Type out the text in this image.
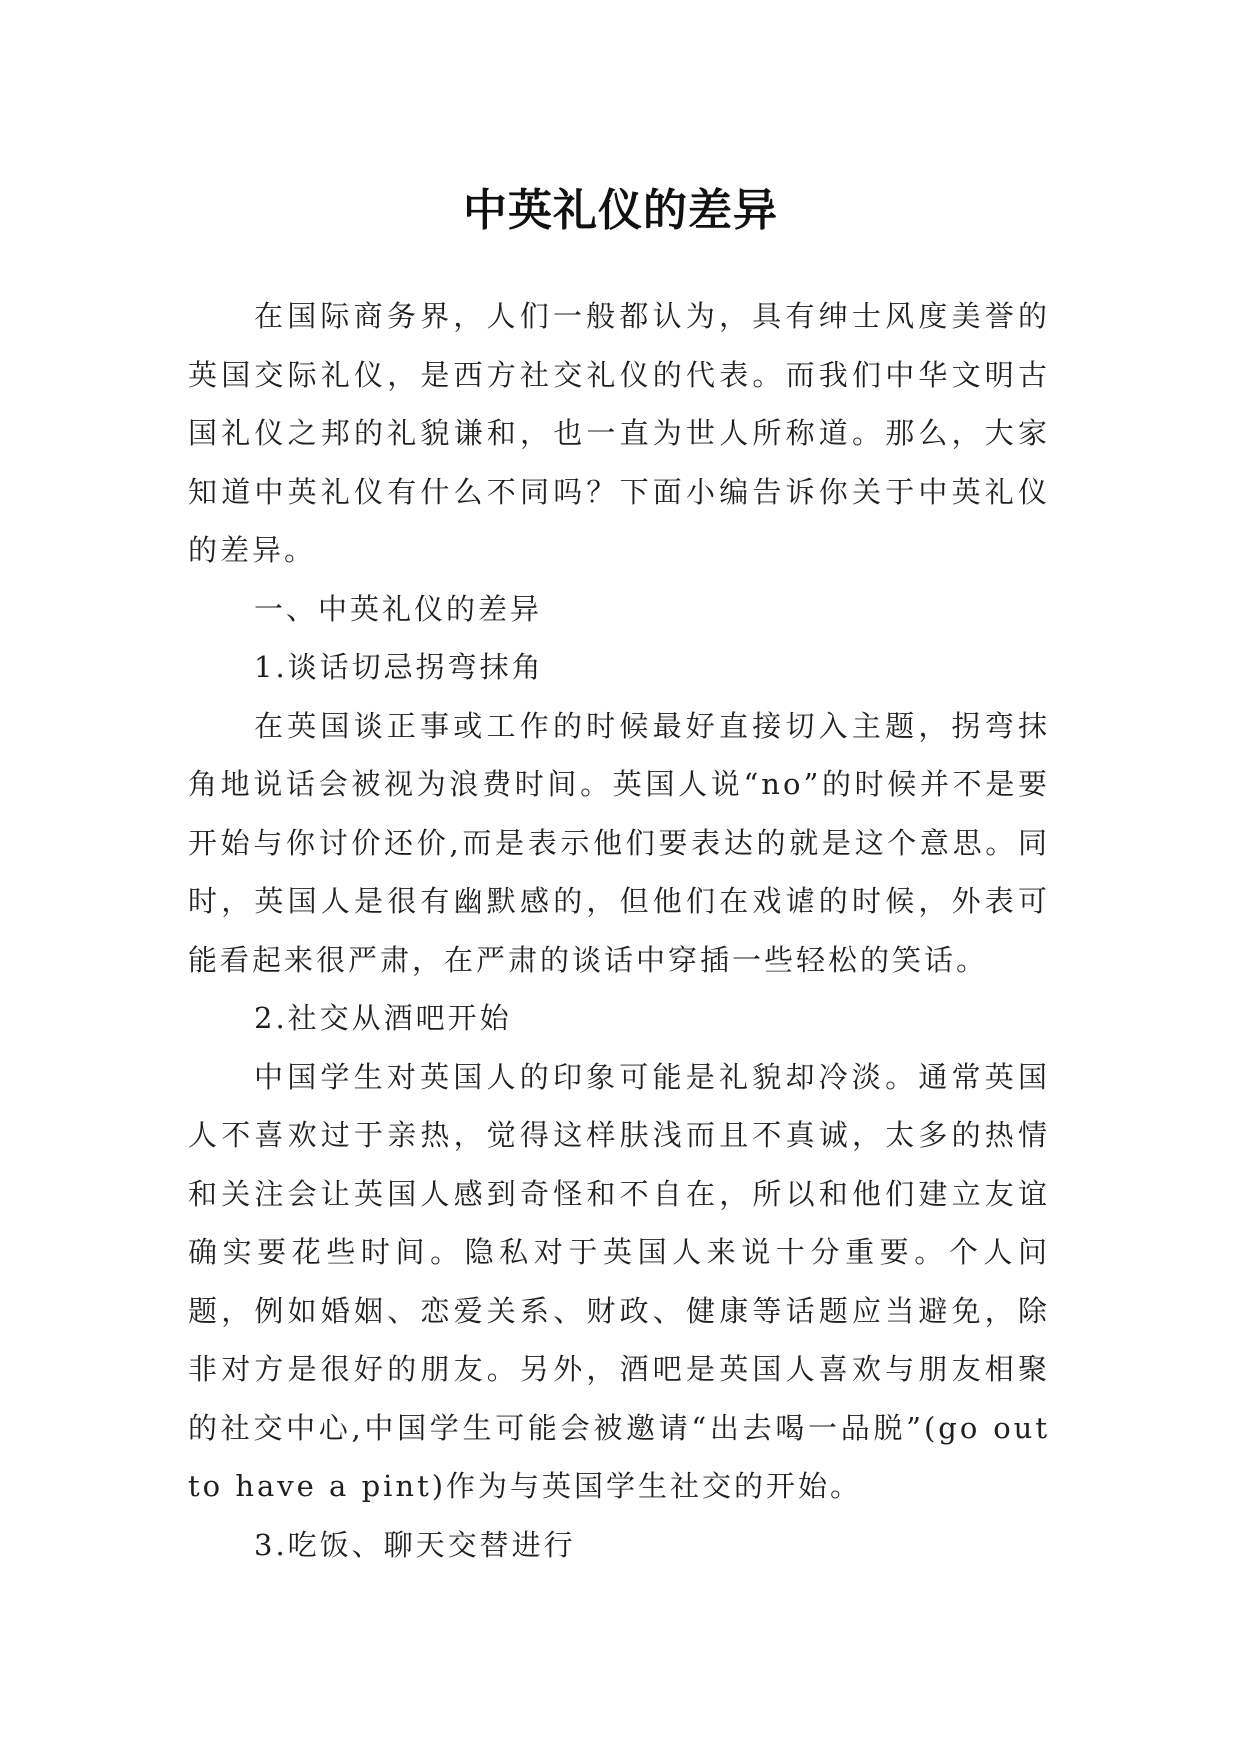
中英礼仪的差异

在国际商务界，人们一般都认为，具有绅士风度美誉的英国交际礼仪，是西方社交礼仪的代表。而我们中华文明古国礼仪之邦的礼貌谦和，也一直为世人所称道。那么，大家知道中英礼仪有什么不同吗？下面小编告诉你关于中英礼仪的差异。

一、中英礼仪的差异

1.谈话切忌拐弯抹角

在英国谈正事或工作的时候最好直接切入主题，拐弯抹角地说话会被视为浪费时间。英国人说“no”的时候并不是要开始与你讨价还价,而是表示他们要表达的就是这个意思。同时，英国人是很有幽默感的，但他们在戏谑的时候，外表可能看起来很严肃，在严肃的谈话中穿插一些轻松的笑话。

2.社交从酒吧开始

中国学生对英国人的印象可能是礼貌却冷淡。通常英国人不喜欢过于亲热，觉得这样肤浅而且不真诚，太多的热情和关注会让英国人感到奇怪和不自在，所以和他们建立友谊确实要花些时间。隐私对于英国人来说十分重要。个人问题，例如婚姻、恋爱关系、财政、健康等话题应当避免，除非对方是很好的朋友。另外，酒吧是英国人喜欢与朋友相聚的社交中心,中国学生可能会被邀请“出去喝一品脱”(go out to have a pint)作为与英国学生社交的开始。

3.吃饭、聊天交替进行
